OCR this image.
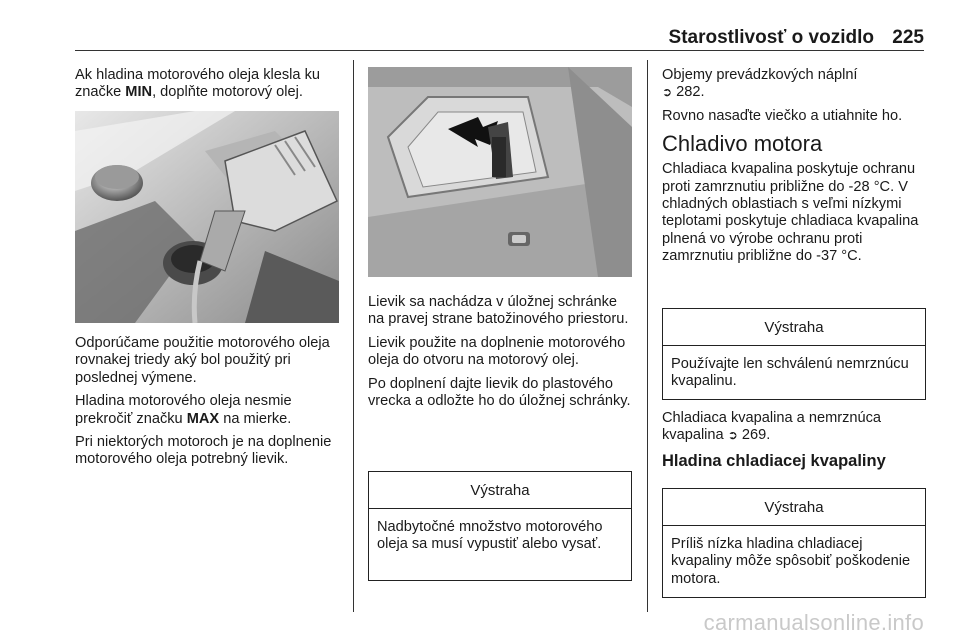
Starostlivosť o vozidlo 225

Ak hladina motorového oleja klesla ku značke MIN, doplňte motorový olej.

Odporúčame použitie motorového oleja rovnakej triedy aký bol použitý pri poslednej výmene.

Hladina motorového oleja nesmie prekročiť značku MAX na mierke.

Pri niektorých motoroch je na doplnenie motorového oleja potrebný lievik.

Lievik sa nachádza v úložnej schránke na pravej strane batožinového priestoru.

Lievik použite na doplnenie motorového oleja do otvoru na motorový olej.

Po doplnení dajte lievik do plastového vrecka a odložte ho do úložnej schránky.

Výstraha
Nadbytočné množstvo motorového oleja sa musí vypustiť alebo vysať.

Objemy prevádzkových náplní
➲ 282.

Rovno nasaďte viečko a utiahnite ho.

Chladivo motora

Chladiaca kvapalina poskytuje ochranu proti zamrznutiu približne do -28 °C. V chladných oblastiach s veľmi nízkymi teplotami poskytuje chladiaca kvapalina plnená vo výrobe ochranu proti zamrznutiu približne do -37 °C.

Výstraha
Používajte len schválenú nemrznúcu kvapalinu.

Chladiaca kvapalina a nemrznúca kvapalina ➲ 269.

Hladina chladiacej kvapaliny
Výstraha
Príliš nízka hladina chladiacej kvapaliny môže spôsobiť poškodenie motora.
carmanualsonline.info
